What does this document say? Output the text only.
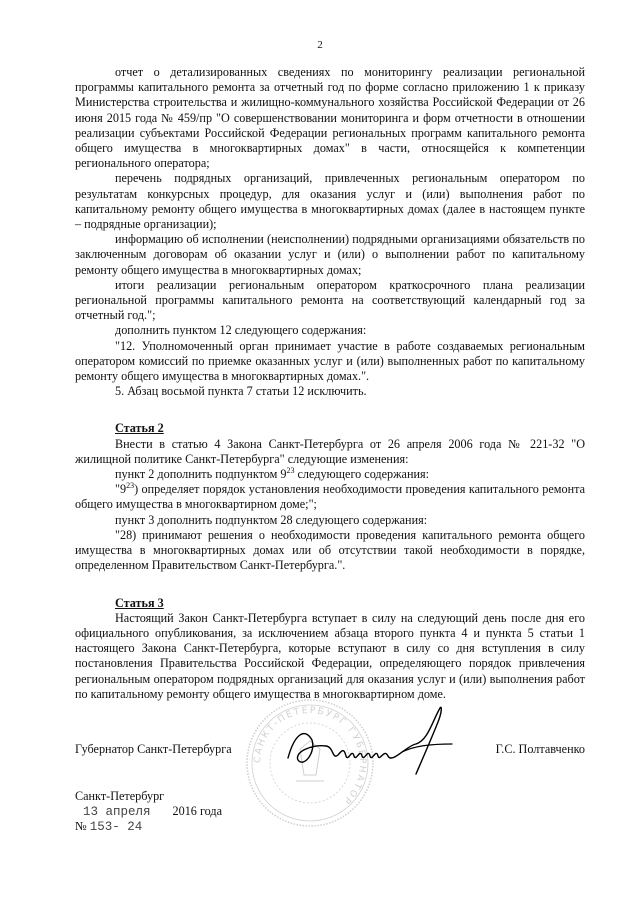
2

отчет о детализированных сведениях по мониторингу реализации региональной программы капитального ремонта за отчетный год по форме согласно приложению 1 к приказу Министерства строительства и жилищно-коммунального хозяйства Российской Федерации от 26 июня 2015 года № 459/пр "О совершенствовании мониторинга и форм отчетности в отношении реализации субъектами Российской Федерации региональных программ капитального ремонта общего имущества в многоквартирных домах" в части, относящейся к компетенции регионального оператора;

перечень подрядных организаций, привлеченных региональным оператором по результатам конкурсных процедур, для оказания услуг и (или) выполнения работ по капитальному ремонту общего имущества в многоквартирных домах (далее в настоящем пункте – подрядные организации);

информацию об исполнении (неисполнении) подрядными организациями обязательств по заключенным договорам об оказании услуг и (или) о выполнении работ по капитальному ремонту общего имущества в многоквартирных домах;

итоги реализации региональным оператором краткосрочного плана реализации региональной программы капитального ремонта на соответствующий календарный год за отчетный год.";

дополнить пунктом 12 следующего содержания:

"12. Уполномоченный орган принимает участие в работе создаваемых региональным оператором комиссий по приемке оказанных услуг и (или) выполненных работ по капитальному ремонту общего имущества в многоквартирных домах.".

5. Абзац восьмой пункта 7 статьи 12 исключить.

Статья 2

Внести в статью 4 Закона Санкт-Петербурга от 26 апреля 2006 года № 221-32 "О жилищной политике Санкт-Петербурга" следующие изменения:

пункт 2 дополнить подпунктом $9^{23}$ следующего содержания:

"$9^{23}$) определяет порядок установления необходимости проведения капитального ремонта общего имущества в многоквартирном доме;";

пункт 3 дополнить подпунктом 28 следующего содержания:

"28) принимают решения о необходимости проведения капитального ремонта общего имущества в многоквартирных домах или об отсутствии такой необходимости в порядке, определенном Правительством Санкт-Петербурга.".

Статья 3

Настоящий Закон Санкт-Петербурга вступает в силу на следующий день после дня его официального опубликования, за исключением абзаца второго пункта 4 и пункта 5 статьи 1 настоящего Закона Санкт-Петербурга, которые вступают в силу со дня вступления в силу постановления Правительства Российской Федерации, определяющего порядок привлечения региональным оператором подрядных организаций для оказания услуг и (или) выполнения работ по капитальному ремонту общего имущества в многоквартирном доме.

САНКТ-ПЕТЕРБУРГ ГУБЕРНАТОР
Губернатор Санкт-Петербурга	Г.С. Полтавченко
Санкт-Петербург
13 апреля 2016 года
№ 153- 24
